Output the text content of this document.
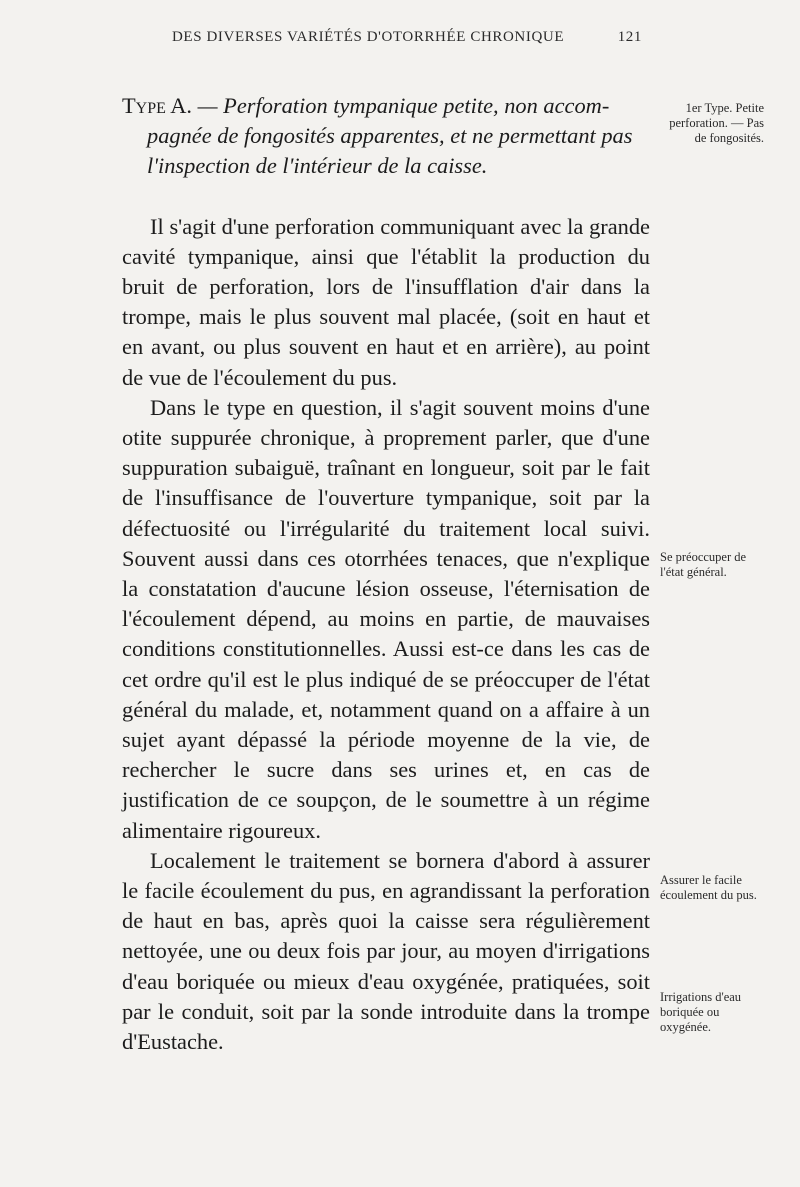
DES DIVERSES VARIÉTÉS D'OTORRHÉE CHRONIQUE	121

Type A. — Perforation tympanique petite, non accom-
pagnée de fongosités apparentes, et ne permettant pas
l'inspection de l'intérieur de la caisse.

Il s'agit d'une perforation communiquant avec la grande cavité tympanique, ainsi que l'établit la production du bruit de perforation, lors de l'insufflation d'air dans la trompe, mais le plus souvent mal placée, (soit en haut et en avant, ou plus souvent en haut et en arrière), au point de vue de l'écoulement du pus.

Dans le type en question, il s'agit souvent moins d'une otite suppurée chronique, à proprement parler, que d'une suppuration subaiguë, traînant en longueur, soit par le fait de l'insuffisance de l'ouverture tympanique, soit par la défectuosité ou l'irrégularité du traitement local suivi. Souvent aussi dans ces otorrhées tenaces, que n'explique la constatation d'aucune lésion osseuse, l'éternisation de l'écoulement dépend, au moins en partie, de mauvaises conditions constitutionnelles. Aussi est-ce dans les cas de cet ordre qu'il est le plus indiqué de se préoccuper de l'état général du malade, et, notamment quand on a affaire à un sujet ayant dépassé la période moyenne de la vie, de rechercher le sucre dans ses urines et, en cas de justification de ce soupçon, de le soumettre à un régime alimentaire rigoureux.

Localement le traitement se bornera d'abord à assurer le facile écoulement du pus, en agrandissant la perforation de haut en bas, après quoi la caisse sera régulièrement nettoyée, une ou deux fois par jour, au moyen d'irrigations d'eau boriquée ou mieux d'eau oxygénée, pratiquées, soit par le conduit, soit par la sonde introduite dans la trompe d'Eustache.

1er Type. Petite perforation. — Pas de fongosités.
Se préoccuper de l'état général.
Assurer le facile écoulement du pus.
Irrigations d'eau boriquée ou oxygénée.
